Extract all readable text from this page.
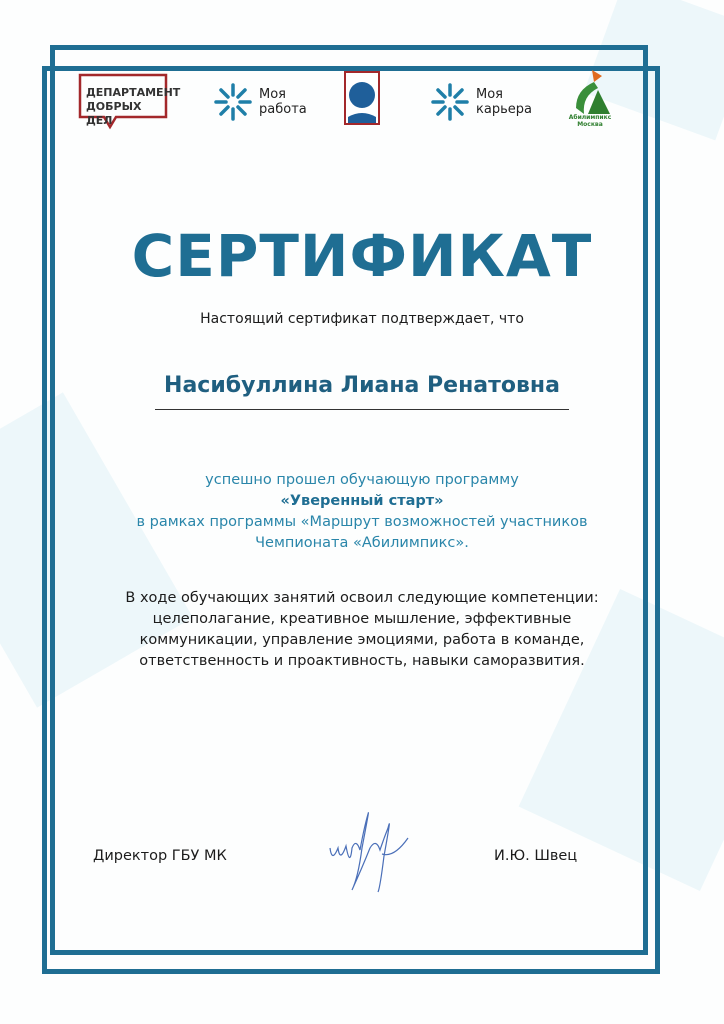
ДЕПАРТАМЕНТ ДОБРЫХ ДЕЛ
Моя
работа
Моя
карьера
Абилимпикс
Москва
СЕРТИФИКАТ
Настоящий сертификат подтверждает, что
Насибуллина Лиана Ренатовна
успешно прошел обучающую программу
«Уверенный старт»
в рамках программы «Маршрут возможностей участников
Чемпионата «Абилимпикс».
В ходе обучающих занятий освоил следующие компетенции:
целеполагание, креативное мышление, эффективные
коммуникации, управление эмоциями, работа в команде,
ответственность и проактивность, навыки саморазвития.
Директор ГБУ МК	И.Ю. Швец
